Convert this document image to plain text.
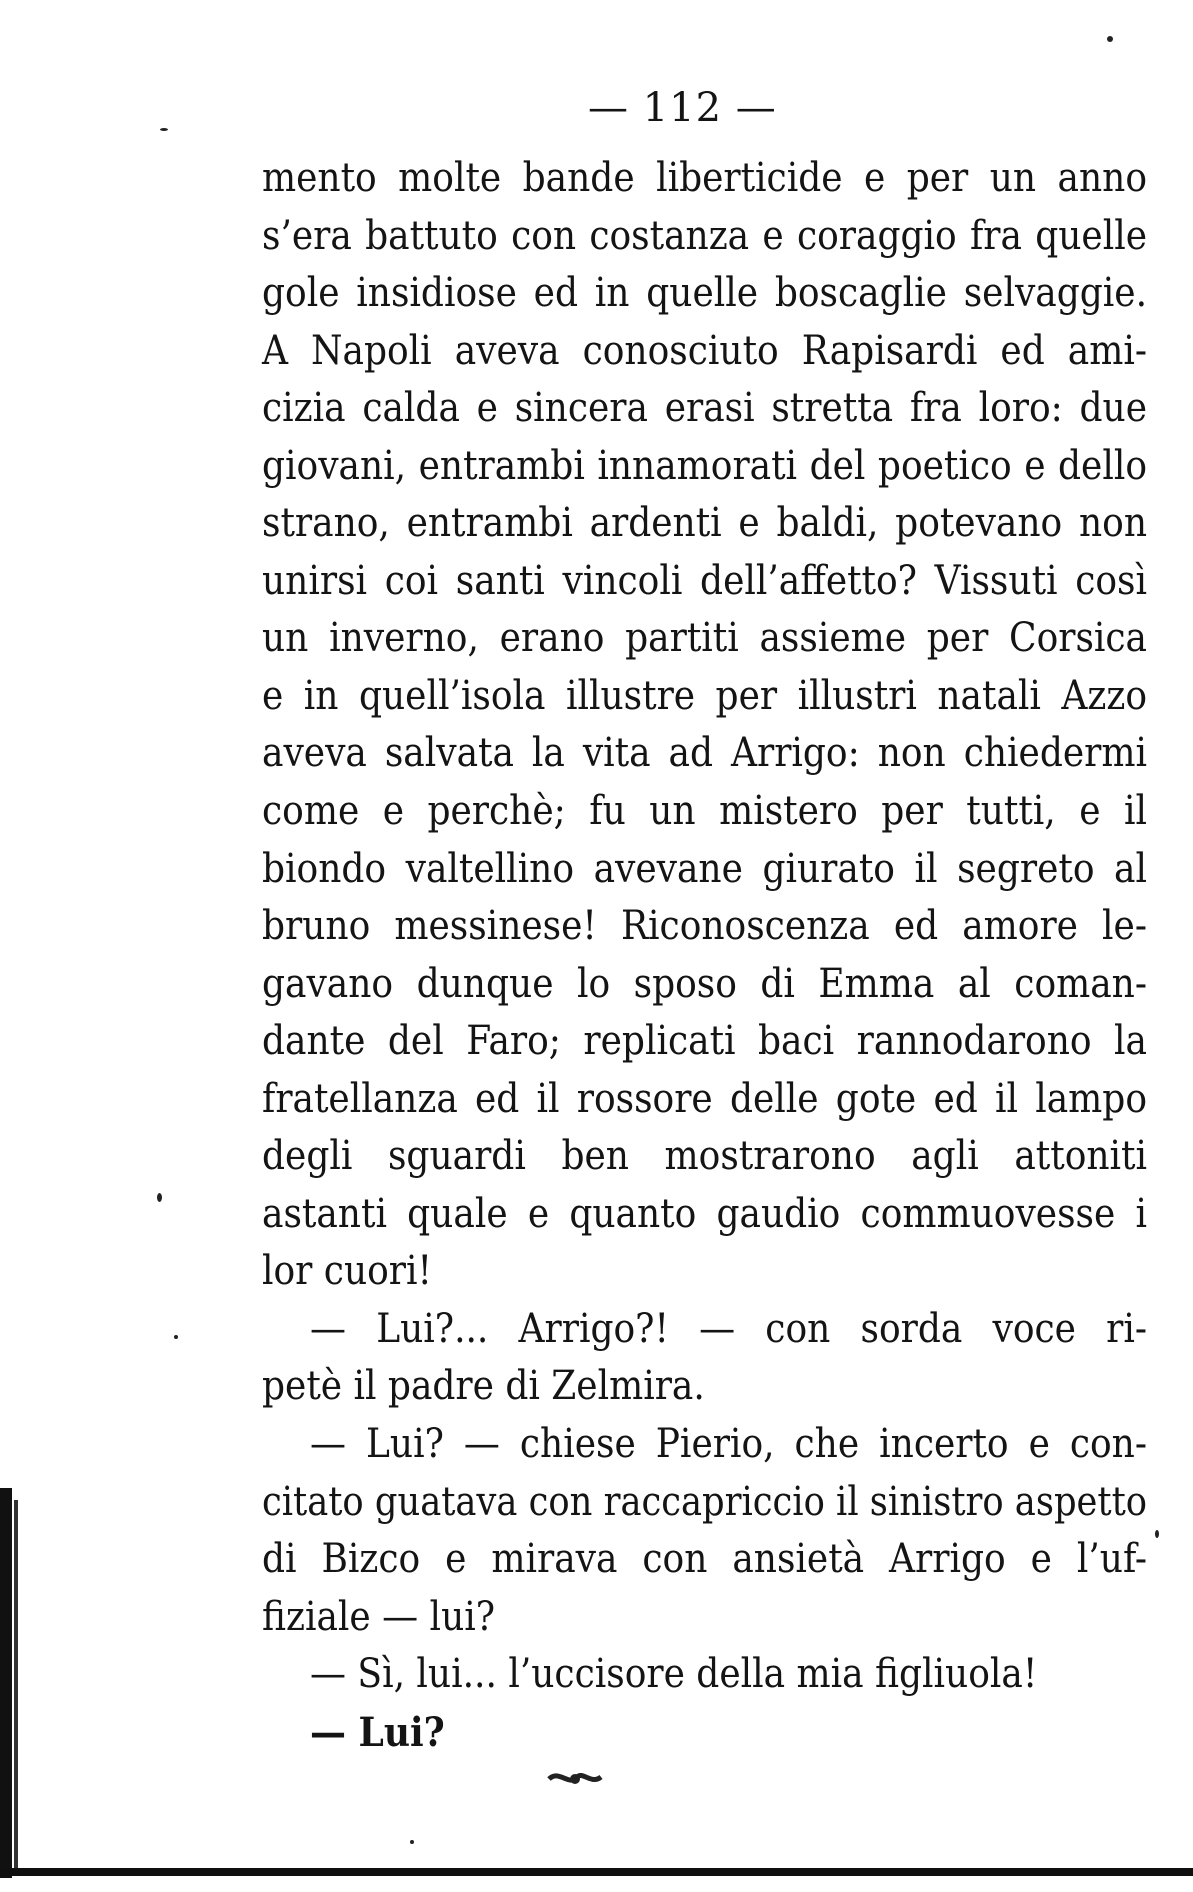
— 112 —
mento molte bande liberticide e per un anno
s’era battuto con costanza e coraggio fra quelle
gole insidiose ed in quelle boscaglie selvaggie.
A Napoli aveva conosciuto Rapisardi ed ami-
cizia calda e sincera erasi stretta fra loro: due
giovani, entrambi innamorati del poetico e dello
strano, entrambi ardenti e baldi, potevano non
unirsi coi santi vincoli dell’affetto? Vissuti così
un inverno, erano partiti assieme per Corsica
e in quell’isola illustre per illustri natali Azzo
aveva salvata la vita ad Arrigo: non chiedermi
come e perchè; fu un mistero per tutti, e il
biondo valtellino avevane giurato il segreto al
bruno messinese! Riconoscenza ed amore le-
gavano dunque lo sposo di Emma al coman-
dante del Faro; replicati baci rannodarono la
fratellanza ed il rossore delle gote ed il lampo
degli sguardi ben mostrarono agli attoniti
astanti quale e quanto gaudio commuovesse i
lor cuori!
— Lui?... Arrigo?! — con sorda voce ri-
petè il padre di Zelmira.
— Lui? — chiese Pierio, che incerto e con-
citato guatava con raccapriccio il sinistro aspetto
di Bizco e mirava con ansietà Arrigo e l’uf-
fiziale — lui?
— Sì, lui... l’uccisore della mia figliuola!
— Lui?
